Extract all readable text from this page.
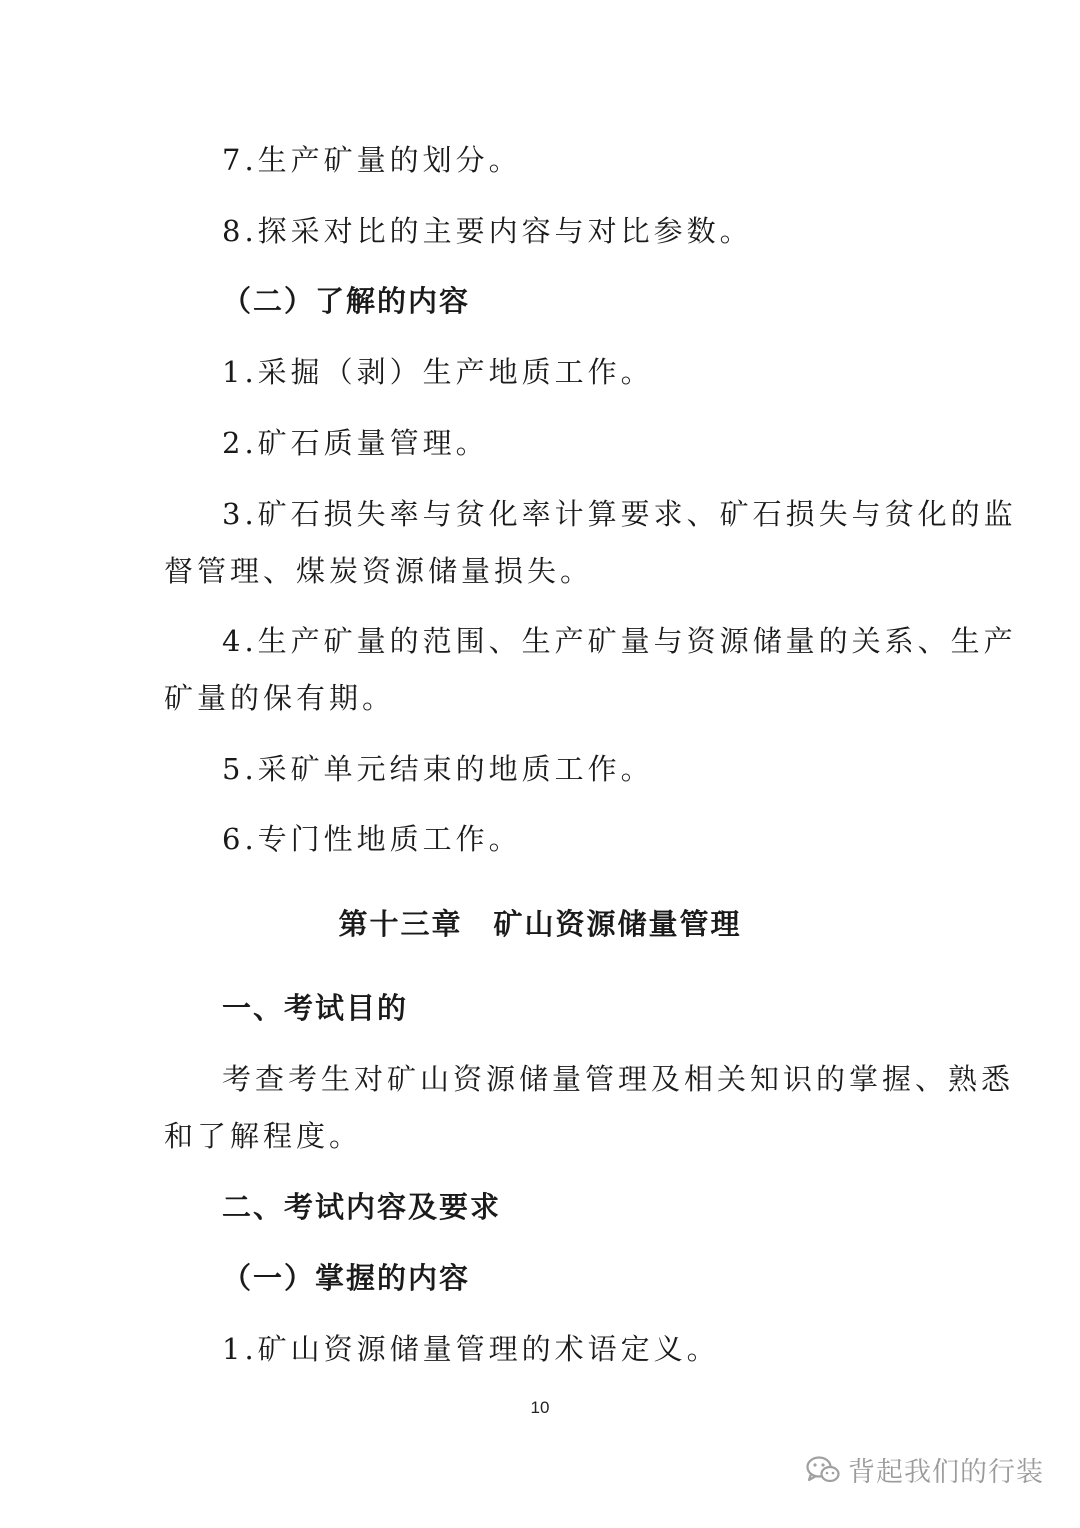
7.生产矿量的划分。
8.探采对比的主要内容与对比参数。
（二）了解的内容
1.采掘（剥）生产地质工作。
2.矿石质量管理。
3.矿石损失率与贫化率计算要求、矿石损失与贫化的监
督管理、煤炭资源储量损失。
4.生产矿量的范围、生产矿量与资源储量的关系、生产
矿量的保有期。
5.采矿单元结束的地质工作。
6.专门性地质工作。
第十三章　矿山资源储量管理
一、考试目的
考查考生对矿山资源储量管理及相关知识的掌握、熟悉
和了解程度。
二、考试内容及要求
（一）掌握的内容
1.矿山资源储量管理的术语定义。
10
背起我们的行装
